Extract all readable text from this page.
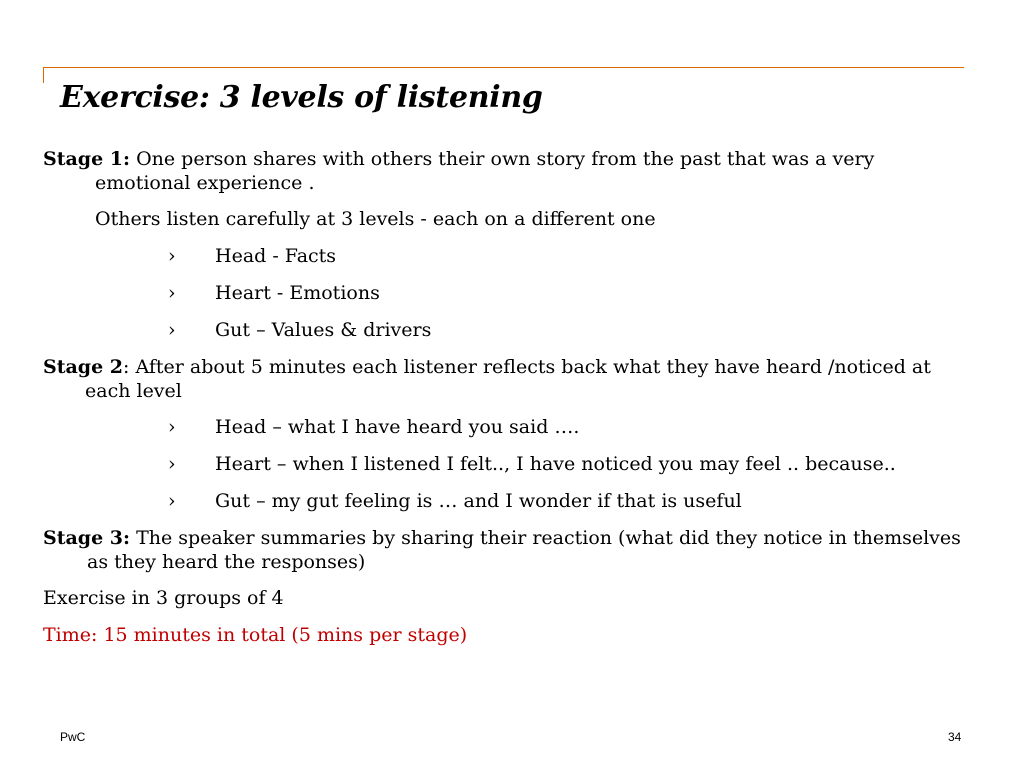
Exercise: 3 levels of listening

Stage 1: One person shares with others their own story from the past that was a very emotional experience .

Others listen carefully at 3 levels - each on a different one

› Head - Facts

› Heart - Emotions

› Gut – Values & drivers

Stage 2: After about 5 minutes each listener reflects back what they have heard /noticed at each level

› Head – what I have heard you said ….

› Heart – when I listened I felt.., I have noticed you may feel .. because..

› Gut – my gut feeling is … and I wonder if that is useful

Stage 3: The speaker summaries by sharing their reaction (what did they notice in themselves as they heard the responses)

Exercise in 3 groups of 4

Time: 15 minutes in total (5 mins per stage)

PwC	34
